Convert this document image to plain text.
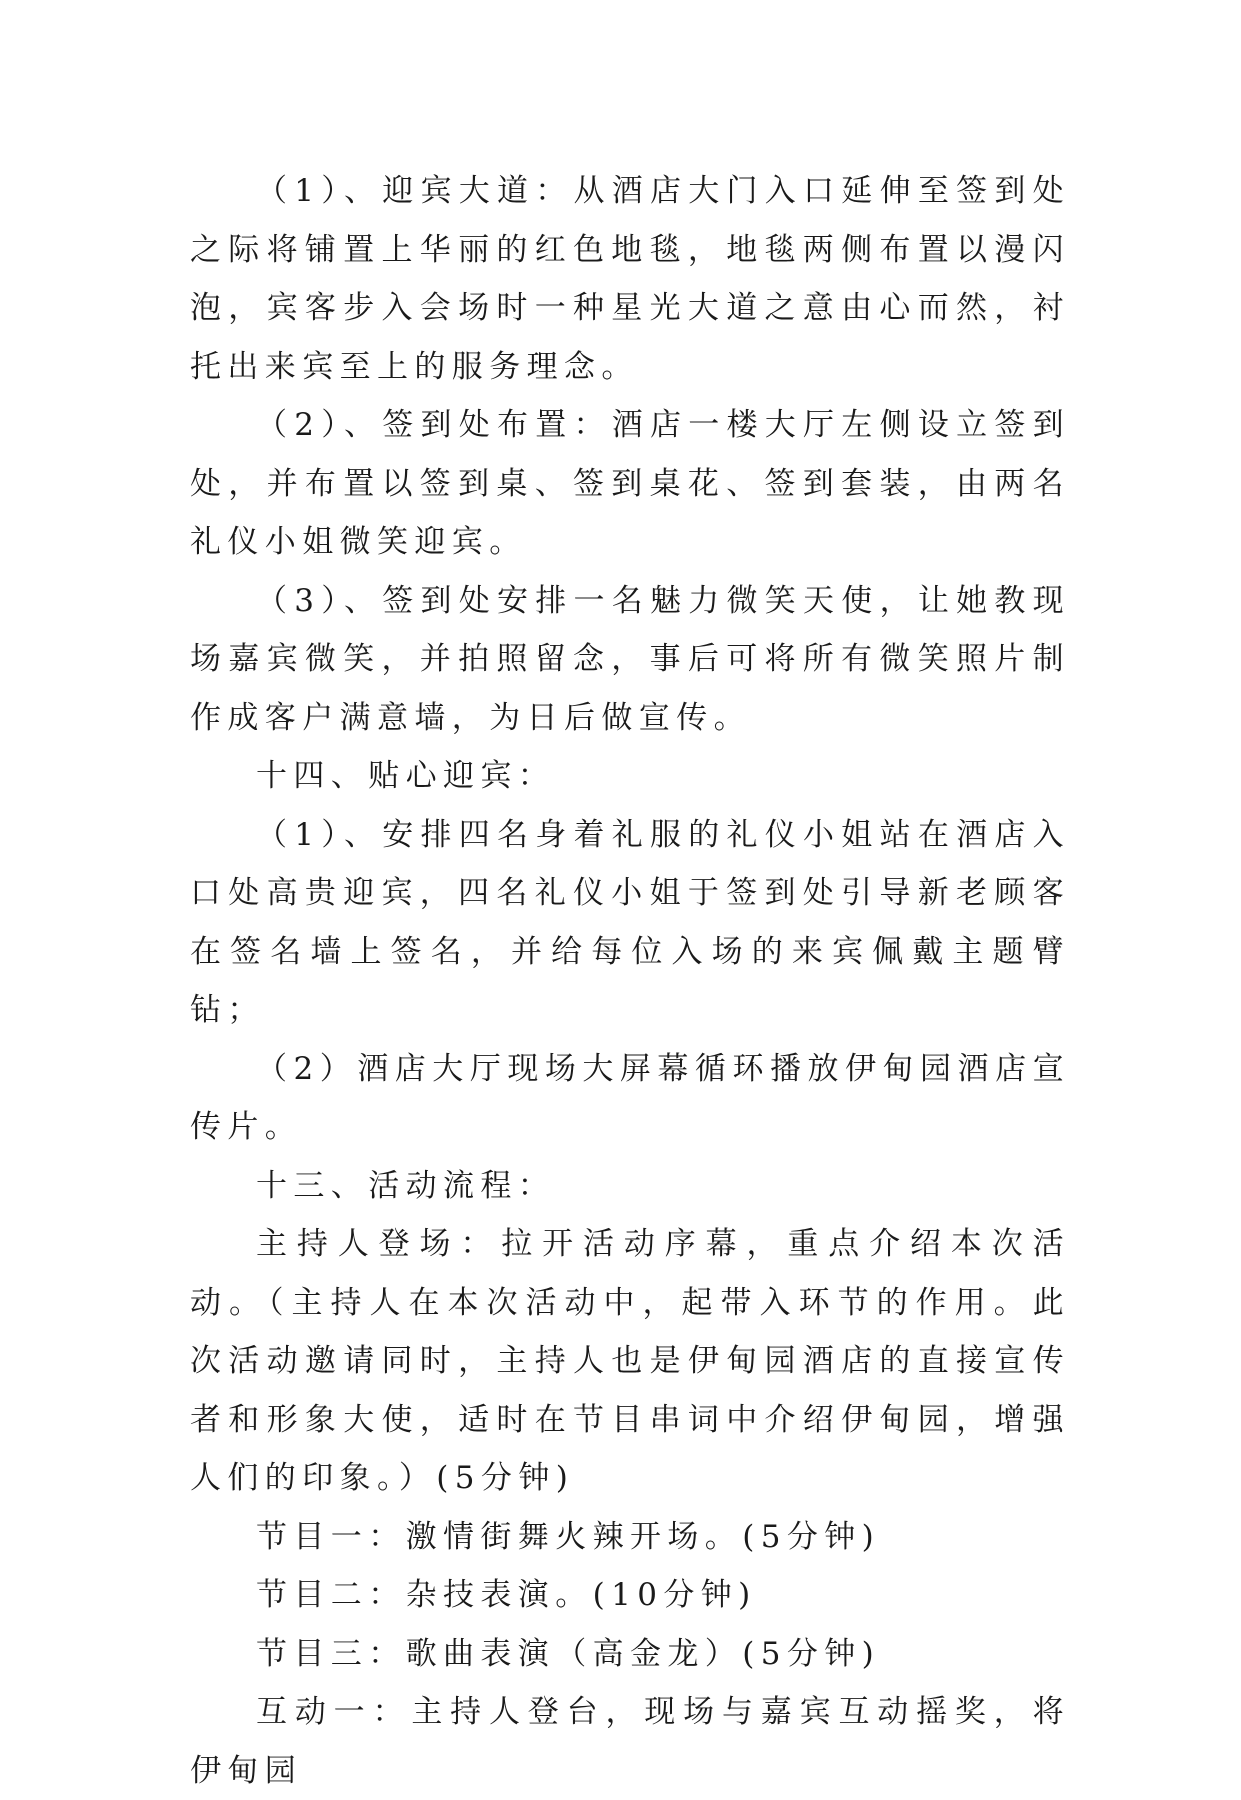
（1）、迎宾大道：从酒店大门入口延伸至签到处之际将铺置上华丽的红色地毯，地毯两侧布置以漫闪泡，宾客步入会场时一种星光大道之意由心而然，衬托出来宾至上的服务理念。

（2）、签到处布置：酒店一楼大厅左侧设立签到处，并布置以签到桌、签到桌花、签到套装，由两名礼仪小姐微笑迎宾。

（3）、签到处安排一名魅力微笑天使，让她教现场嘉宾微笑，并拍照留念，事后可将所有微笑照片制作成客户满意墙，为日后做宣传。

十四、贴心迎宾：

（1）、安排四名身着礼服的礼仪小姐站在酒店入口处高贵迎宾，四名礼仪小姐于签到处引导新老顾客在签名墙上签名，并给每位入场的来宾佩戴主题臂钻；

（2）酒店大厅现场大屏幕循环播放伊甸园酒店宣传片。

十三、活动流程：

主持人登场：拉开活动序幕，重点介绍本次活动。（主持人在本次活动中，起带入环节的作用。此次活动邀请同时，主持人也是伊甸园酒店的直接宣传者和形象大使，适时在节目串词中介绍伊甸园，增强人们的印象。）(5分钟)

节目一：激情街舞火辣开场。(5分钟)

节目二：杂技表演。(10分钟)

节目三：歌曲表演（高金龙）(5分钟)

互动一：主持人登台，现场与嘉宾互动摇奖，将伊甸园
